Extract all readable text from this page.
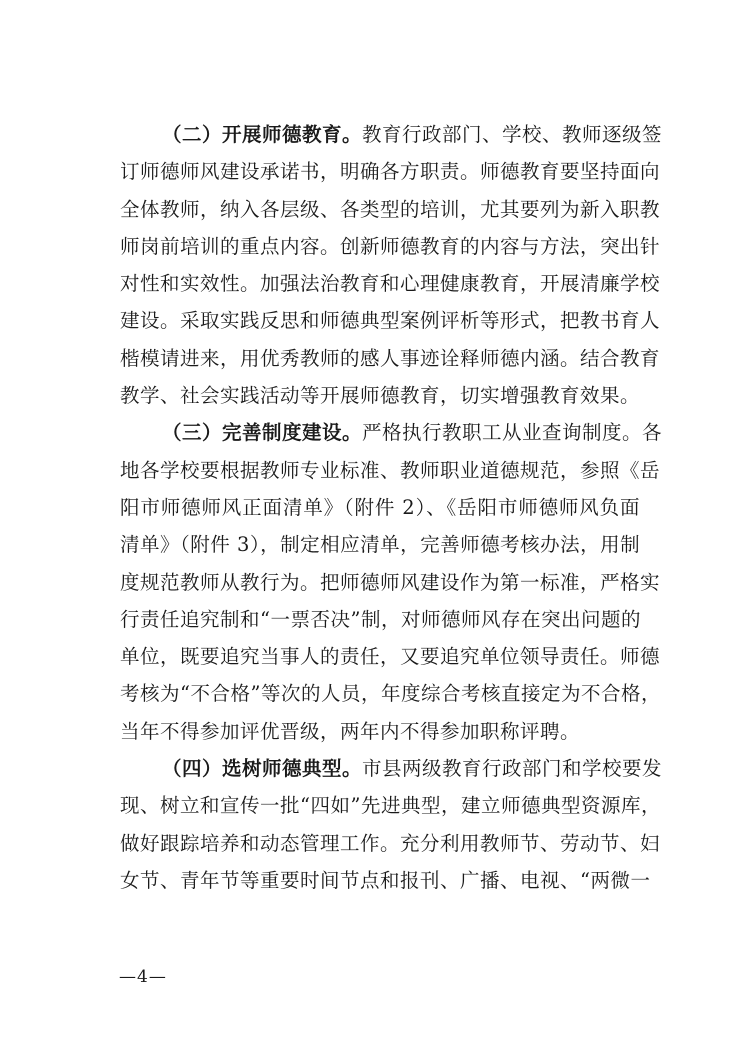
（二）开展师德教育。教育行政部门、学校、教师逐级签
订师德师风建设承诺书，明确各方职责。师德教育要坚持面向
全体教师，纳入各层级、各类型的培训，尤其要列为新入职教
师岗前培训的重点内容。创新师德教育的内容与方法，突出针
对性和实效性。加强法治教育和心理健康教育，开展清廉学校
建设。采取实践反思和师德典型案例评析等形式，把教书育人
楷模请进来，用优秀教师的感人事迹诠释师德内涵。结合教育
教学、社会实践活动等开展师德教育，切实增强教育效果。
（三）完善制度建设。严格执行教职工从业查询制度。各
地各学校要根据教师专业标准、教师职业道德规范，参照《岳
阳市师德师风正面清单》（附件 2）、《岳阳市师德师风负面
清单》（附件 3），制定相应清单，完善师德考核办法，用制
度规范教师从教行为。把师德师风建设作为第一标准，严格实
行责任追究制和“一票否决”制，对师德师风存在突出问题的
单位，既要追究当事人的责任，又要追究单位领导责任。师德
考核为“不合格”等次的人员，年度综合考核直接定为不合格，
当年不得参加评优晋级，两年内不得参加职称评聘。
（四）选树师德典型。市县两级教育行政部门和学校要发
现、树立和宣传一批“四如”先进典型，建立师德典型资源库，
做好跟踪培养和动态管理工作。充分利用教师节、劳动节、妇
女节、青年节等重要时间节点和报刊、广播、电视、“两微一
—4—
